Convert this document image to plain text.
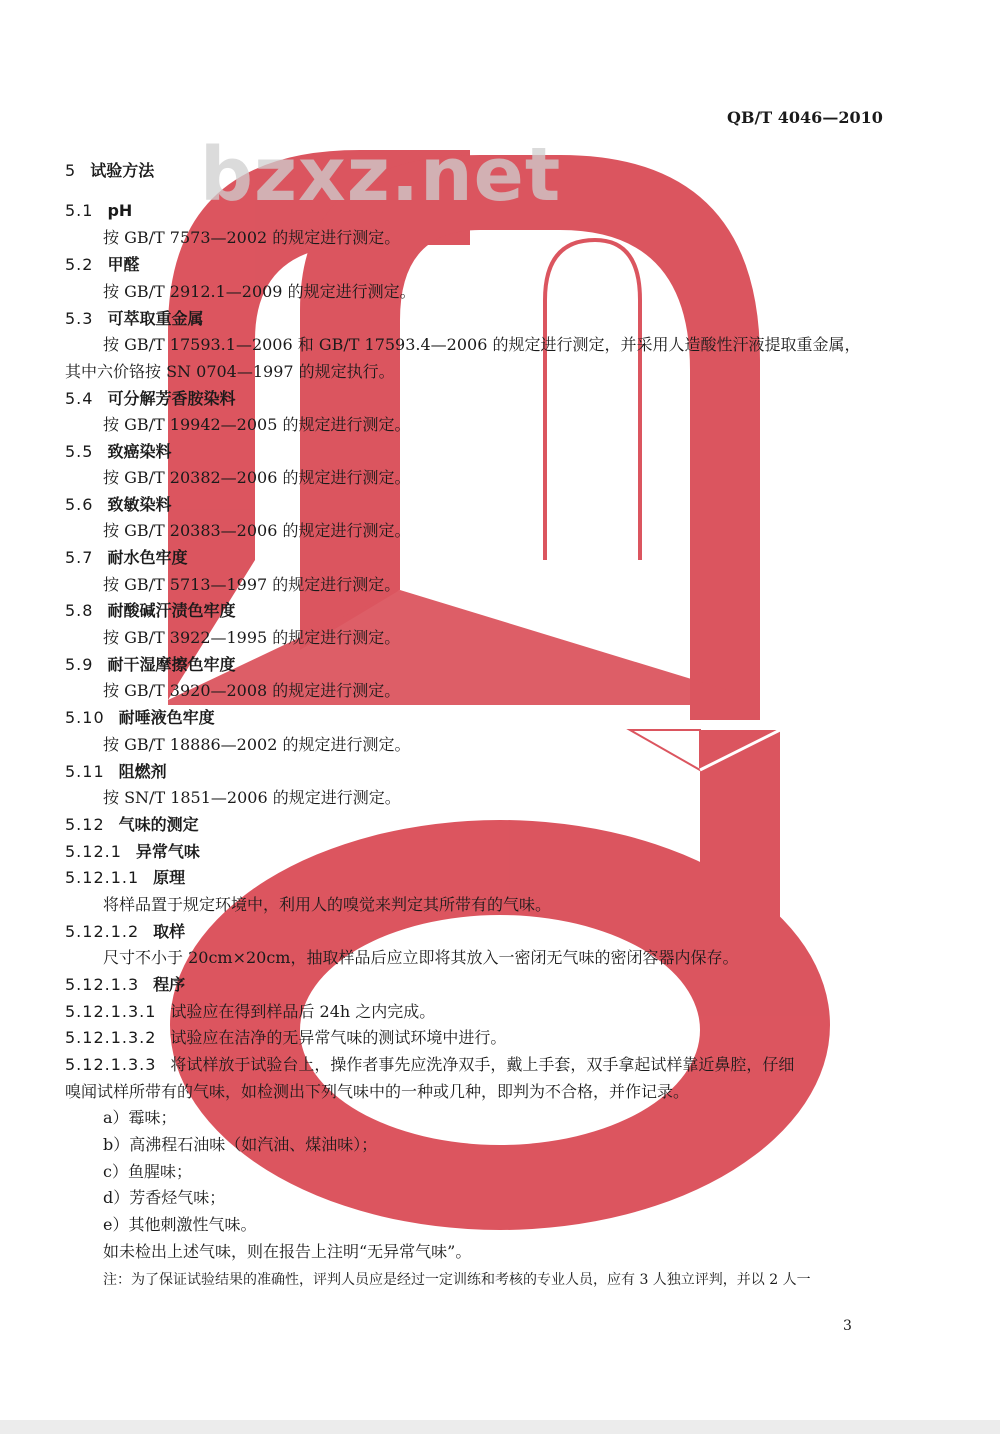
bzxz.net
QB/T 4046—2010
5 试验方法
5.1 pH
按 GB/T 7573—2002 的规定进行测定。
5.2 甲醛
按 GB/T 2912.1—2009 的规定进行测定。
5.3 可萃取重金属
按 GB/T 17593.1—2006 和 GB/T 17593.4—2006 的规定进行测定，并采用人造酸性汗液提取重金属，
其中六价铬按 SN 0704—1997 的规定执行。
5.4 可分解芳香胺染料
按 GB/T 19942—2005 的规定进行测定。
5.5 致癌染料
按 GB/T 20382—2006 的规定进行测定。
5.6 致敏染料
按 GB/T 20383—2006 的规定进行测定。
5.7 耐水色牢度
按 GB/T 5713—1997 的规定进行测定。
5.8 耐酸碱汗渍色牢度
按 GB/T 3922—1995 的规定进行测定。
5.9 耐干湿摩擦色牢度
按 GB/T 3920—2008 的规定进行测定。
5.10 耐唾液色牢度
按 GB/T 18886—2002 的规定进行测定。
5.11 阻燃剂
按 SN/T 1851—2006 的规定进行测定。
5.12 气味的测定
5.12.1 异常气味
5.12.1.1 原理
将样品置于规定环境中，利用人的嗅觉来判定其所带有的气味。
5.12.1.2 取样
尺寸不小于 20cm×20cm，抽取样品后应立即将其放入一密闭无气味的密闭容器内保存。
5.12.1.3 程序
5.12.1.3.1 试验应在得到样品后 24h 之内完成。
5.12.1.3.2 试验应在洁净的无异常气味的测试环境中进行。
5.12.1.3.3 将试样放于试验台上，操作者事先应洗净双手，戴上手套，双手拿起试样靠近鼻腔，仔细
嗅闻试样所带有的气味，如检测出下列气味中的一种或几种，即判为不合格，并作记录。
a）霉味；
b）高沸程石油味（如汽油、煤油味）；
c）鱼腥味；
d）芳香烃气味；
e）其他刺激性气味。
如未检出上述气味，则在报告上注明“无异常气味”。
注：为了保证试验结果的准确性，评判人员应是经过一定训练和考核的专业人员，应有 3 人独立评判，并以 2 人一
3
